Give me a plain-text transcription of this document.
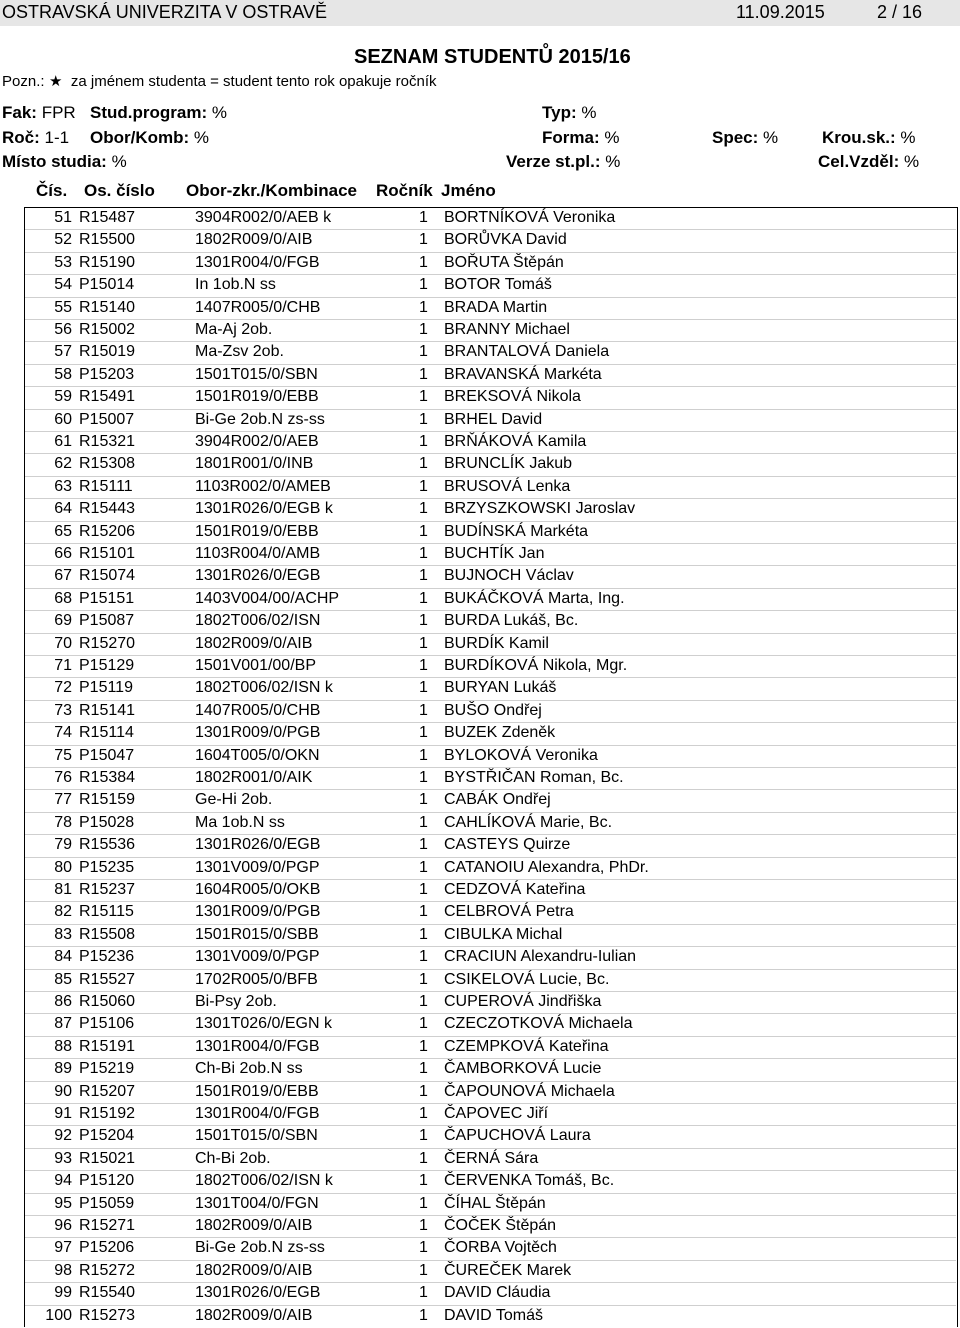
OSTRAVSKÁ UNIVERZITA V OSTRAVĚ	11.09.2015	2 / 16
SEZNAM STUDENTŮ 2015/16
Pozn.: ★ za jménem studenta = student tento rok opakuje ročník
Fak: FPR Stud.program: %	Typ: %
Roč: 1-1 Obor/Komb: %	Forma: %	Spec: %	Krou.sk.: %
Místo studia: %	Verze st.pl.: %	Cel.Vzděl: %
Čís. Os. číslo Obor-zkr./Kombinace Ročník Jméno
51 R15487	3904R002/0/AEB k	1 BORTNÍKOVÁ Veronika
52 R15500	1802R009/0/AIB	1 BORŮVKA David
53 R15190	1301R004/0/FGB	1 BOŘUTA Štěpán
54 P15014	In 1ob.N ss	1 BOTOR Tomáš
55 R15140	1407R005/0/CHB	1 BRADA Martin
56 R15002	Ma-Aj 2ob.	1 BRANNY Michael
57 R15019	Ma-Zsv 2ob.	1 BRANTALOVÁ Daniela
58 P15203	1501T015/0/SBN	1 BRAVANSKÁ Markéta
59 R15491	1501R019/0/EBB	1 BREKSOVÁ Nikola
60 P15007	Bi-Ge 2ob.N zs-ss	1 BRHEL David
61 R15321	3904R002/0/AEB	1 BRŇÁKOVÁ Kamila
62 R15308	1801R001/0/INB	1 BRUNCLÍK Jakub
63 R15111	1103R002/0/AMEB	1 BRUSOVÁ Lenka
64 R15443	1301R026/0/EGB k	1 BRZYSZKOWSKI Jaroslav
65 R15206	1501R019/0/EBB	1 BUDÍNSKÁ Markéta
66 R15101	1103R004/0/AMB	1 BUCHTÍK Jan
67 R15074	1301R026/0/EGB	1 BUJNOCH Václav
68 P15151	1403V004/00/ACHP	1 BUKÁČKOVÁ Marta, Ing.
69 P15087	1802T006/02/ISN	1 BURDA Lukáš, Bc.
70 R15270	1802R009/0/AIB	1 BURDÍK Kamil
71 P15129	1501V001/00/BP	1 BURDÍKOVÁ Nikola, Mgr.
72 P15119	1802T006/02/ISN k	1 BURYAN Lukáš
73 R15141	1407R005/0/CHB	1 BUŠO Ondřej
74 R15114	1301R009/0/PGB	1 BUZEK Zdeněk
75 P15047	1604T005/0/OKN	1 BYLOKOVÁ Veronika
76 R15384	1802R001/0/AIK	1 BYSTŘIČAN Roman, Bc.
77 R15159	Ge-Hi 2ob.	1 CABÁK Ondřej
78 P15028	Ma 1ob.N ss	1 CAHLÍKOVÁ Marie, Bc.
79 R15536	1301R026/0/EGB	1 CASTEYS Quirze
80 P15235	1301V009/0/PGP	1 CATANOIU Alexandra, PhDr.
81 R15237	1604R005/0/OKB	1 CEDZOVÁ Kateřina
82 R15115	1301R009/0/PGB	1 CELBROVÁ Petra
83 R15508	1501R015/0/SBB	1 CIBULKA Michal
84 P15236	1301V009/0/PGP	1 CRACIUN Alexandru-Iulian
85 R15527	1702R005/0/BFB	1 CSIKELOVÁ Lucie, Bc.
86 R15060	Bi-Psy 2ob.	1 CUPEROVÁ Jindřiška
87 P15106	1301T026/0/EGN k	1 CZECZOTKOVÁ Michaela
88 R15191	1301R004/0/FGB	1 CZEMPKOVÁ Kateřina
89 P15219	Ch-Bi 2ob.N ss	1 ČAMBORKOVÁ Lucie
90 R15207	1501R019/0/EBB	1 ČAPOUNOVÁ Michaela
91 R15192	1301R004/0/FGB	1 ČAPOVEC Jiří
92 P15204	1501T015/0/SBN	1 ČAPUCHOVÁ Laura
93 R15021	Ch-Bi 2ob.	1 ČERNÁ Sára
94 P15120	1802T006/02/ISN k	1 ČERVENKA Tomáš, Bc.
95 P15059	1301T004/0/FGN	1 ČÍHAL Štěpán
96 R15271	1802R009/0/AIB	1 ČOČEK Štěpán
97 P15206	Bi-Ge 2ob.N zs-ss	1 ČORBA Vojtěch
98 R15272	1802R009/0/AIB	1 ČUREČEK Marek
99 R15540	1301R026/0/EGB	1 DAVID Cláudia
100 R15273	1802R009/0/AIB	1 DAVID Tomáš
